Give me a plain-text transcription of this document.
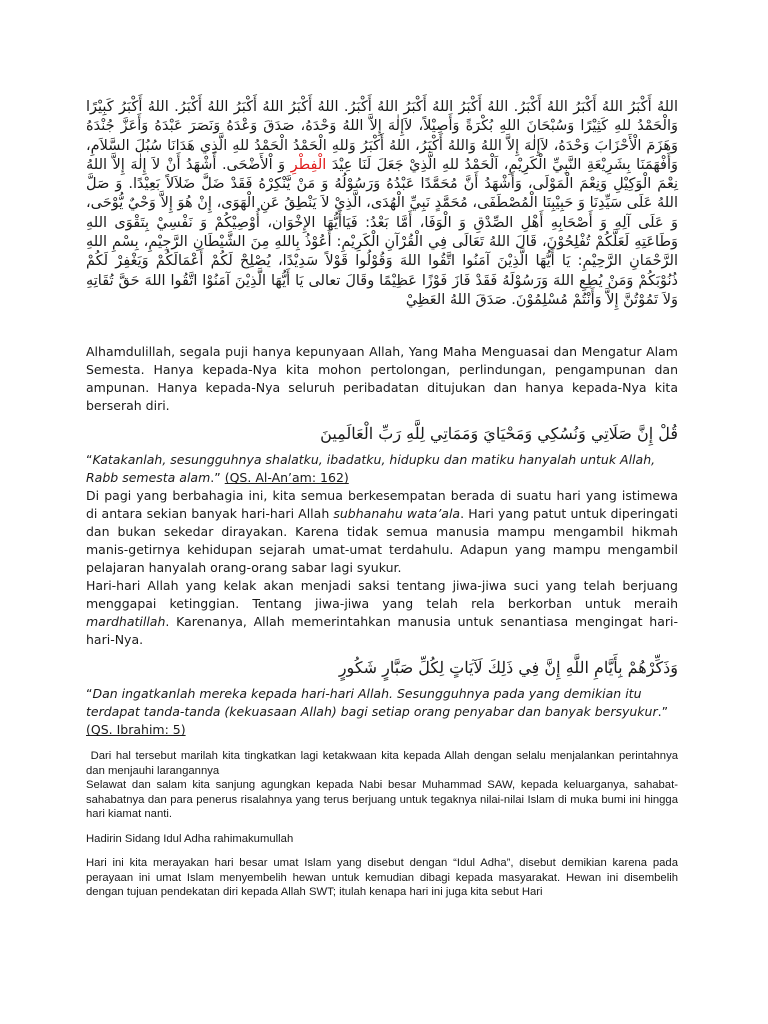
اللهُ أَكْبَرُ اللهُ أَكْبَرُ اللهُ أَكْبَرُ. اللهُ أَكْبَرُ اللهُ أَكْبَرُ اللهُ أَكْبَرُ. اللهُ أَكْبَرُ اللهُ أَكْبَرُ اللهُ أَكْبَرُ. اللهُ أَكْبَرُ كَبِيْرًا وَالْحَمْدُ للهِ كَثِيْرًا وَسُبْحَانَ اللهِ بُكْرَةً وَأَصِيْلاً، لاَإِلٰهَ إِلاَّ اللهُ وَحْدَهُ، صَدَقَ وَعْدَهُ وَنَصَرَ عَبْدَهُ وَأَعَزَّ جُنْدَهُ وَهَزَمَ الْأَحْزَابَ وَحْدَهُ، لاَإِلٰهَ إِلاَّ اللهُ وَاللهُ أَكْبَرُ، اللهُ أَكْبَرُ وَللهِ الْحَمْدُ الْحَمْدُ للهِ الَّذِي هَدَانَا سُبُلَ السَّلاَمِ، وَأَفْهَمَنَا بِشَرِيْعَةِ النَّبِيِّ الْكَرِيْمِ، اَلْحَمْدُ للهِ الَّذِيْ جَعَلَ لَنَا عِيْدَ الْفِطْرِ وَ اْلأَضْحَى. أَشْهَدُ أَنْ لاَ إِلٰهَ إِلاَّ اللهُ نِعْمَ الْوَكِيْلِ وَنِعْمَ الْمَوْلَى، وَأَشْهَدُ أَنَّ مُحَمَّدًا عَبْدُهُ وَرَسُوْلُهُ وَ مَنْ يَّنْكِرْهُ فَقَدْ ضَلَّ ضَلاَلاً بَعِيْدًا. وَ صَلَّ اللهُ عَلَى سَيِّدِنَا وَ حَبِيْبِنَا الْمُصْطَفَى، مُحَمَّدٍ نَبِيِّ الْهُدَى، الَّذِيْ لاَ يَنْطِقُ عَنِ الْهَوَى، إِنْ هُوَ إِلاَّ وَحْيٌ يُّوْحَى، وَ عَلَى آلِهِ وَ أَصْحَابِهِ أَهْلِ الصِّدْقِ وَ الْوَفَا، أَمَّا بَعْدُ: فَيَاأَيُّهَا الإِخْوَان، أُوْصِيْكُمْ وَ نَفْسِيْ بِتَقْوَى اللهِ وَطَاعَتِهِ لَعَلَّكُمْ تُفْلِحُوْنَ، قَالَ اللهُ تَعَالَى فِي الْقُرْآنِ الْكَرِيْمِ: أَعُوْذُ بِاللهِ مِنَ الشَّيْطَانِ الرَّجِيْمِ، بِسْمِ اللهِ الرَّحْمَانِ الرَّحِيْمِ: يَا أَيُّهَا الَّذِيْنَ آمَنُوا اتَّقُوا اللهَ وَقُوْلُوا قَوْلاً سَدِيْدًا، يُصْلِحْ لَكُمْ أَعْمَالَكُمْ وَيَغْفِرْ لَكُمْ ذُنُوْبَكُمْ وَمَنْ يُطِعِ اللهَ وَرَسُوْلَهُ فَقَدْ فَازَ فَوْزًا عَظِيْمًا وقَالَ تعالى يَا أَيُّهَا الَّذِيْنَ آمَنُوْا اتَّقُوا اللهَ حَقَّ تُقَاتِهِ وَلاَ تَمُوْتُنَّ إِلاَّ وَأَنْتُمْ مُسْلِمُوْنَ. صَدَقَ اللهُ العَظِيْ

Alhamdulillah, segala puji hanya kepunyaan Allah, Yang Maha Menguasai dan Mengatur Alam Semesta. Hanya kepada-Nya kita mohon pertolongan, perlindungan, pengampunan dan ampunan. Hanya kepada-Nya seluruh peribadatan ditujukan dan hanya kepada-Nya kita berserah diri.

قُلْ إِنَّ صَلَاتِي وَنُسُكِي وَمَحْيَايَ وَمَمَاتِي لِلَّهِ رَبِّ الْعَالَمِينَ

“Katakanlah, sesungguhnya shalatku, ibadatku, hidupku dan matiku hanyalah untuk Allah, Rabb semesta alam.” (QS. Al-An’am: 162)

Di pagi yang berbahagia ini, kita semua berkesempatan berada di suatu hari yang istimewa di antara sekian banyak hari-hari Allah subhanahu wata’ala. Hari yang patut untuk diperingati dan bukan sekedar dirayakan. Karena tidak semua manusia mampu mengambil hikmah manis-getirnya kehidupan sejarah umat-umat terdahulu. Adapun yang mampu mengambil pelajaran hanyalah orang-orang sabar lagi syukur.

Hari-hari Allah yang kelak akan menjadi saksi tentang jiwa-jiwa suci yang telah berjuang menggapai ketinggian. Tentang jiwa-jiwa yang telah rela berkorban untuk meraih mardhatillah. Karenanya, Allah memerintahkan manusia untuk senantiasa mengingat hari-hari-Nya.

وَذَكِّرْهُمْ بِأَيَّامِ اللَّهِ إِنَّ فِي ذَلِكَ لَآيَاتٍ لِكُلِّ صَبَّارٍ شَكُورٍ

“Dan ingatkanlah mereka kepada hari-hari Allah. Sesungguhnya pada yang demikian itu terdapat tanda-tanda (kekuasaan Allah) bagi setiap orang penyabar dan banyak bersyukur.” (QS. Ibrahim: 5)

Dari hal tersebut marilah kita tingkatkan lagi ketakwaan kita kepada Allah dengan selalu menjalankan perintahnya dan menjauhi larangannya

Selawat dan salam kita sanjung agungkan kepada Nabi besar Muhammad SAW, kepada keluarganya, sahabat-sahabatnya dan para penerus risalahnya yang terus berjuang untuk tegaknya nilai-nilai Islam di muka bumi ini hingga hari kiamat nanti.

Hadirin Sidang Idul Adha rahimakumullah

Hari ini kita merayakan hari besar umat Islam yang disebut dengan “Idul Adha”, disebut demikian karena pada perayaan ini umat Islam menyembelih hewan untuk kemudian dibagi kepada masyarakat. Hewan ini disembelih dengan tujuan pendekatan diri kepada Allah SWT; itulah kenapa hari ini juga kita sebut Hari
